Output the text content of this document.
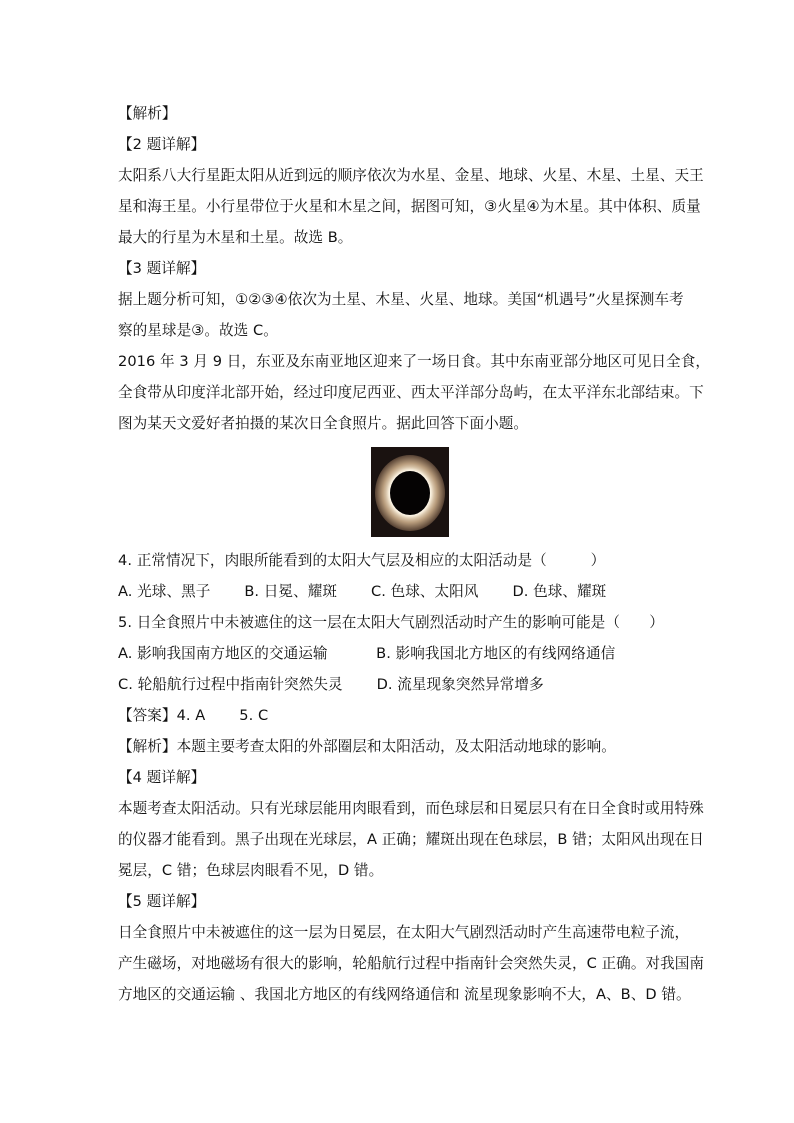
【解析】
【2 题详解】
太阳系八大行星距太阳从近到远的顺序依次为水星、金星、地球、火星、木星、土星、天王
星和海王星。小行星带位于火星和木星之间，据图可知，③火星④为木星。其中体积、质量
最大的行星为木星和土星。故选 B。
【3 题详解】
据上题分析可知，①②③④依次为土星、木星、火星、地球。美国“机遇号”火星探测车考
察的星球是③。故选 C。
2016 年 3 月 9 日，东亚及东南亚地区迎来了一场日食。其中东南亚部分地区可见日全食，
全食带从印度洋北部开始，经过印度尼西亚、西太平洋部分岛屿，在太平洋东北部结束。下
图为某天文爱好者拍摄的某次日全食照片。据此回答下面小题。
4. 正常情况下，肉眼所能看到的太阳大气层及相应的太阳活动是（　　　）
A. 光球、黑子　　 B. 日冕、耀斑　　 C. 色球、太阳风　　 D. 色球、耀斑
5. 日全食照片中未被遮住的这一层在太阳大气剧烈活动时产生的影响可能是（　　）
A. 影响我国南方地区的交通运输　　　 B. 影响我国北方地区的有线网络通信
C. 轮船航行过程中指南针突然失灵　　 D. 流星现象突然异常增多
【答案】4. A　　 5. C
【解析】本题主要考查太阳的外部圈层和太阳活动，及太阳活动地球的影响。
【4 题详解】
本题考查太阳活动。只有光球层能用肉眼看到，而色球层和日冕层只有在日全食时或用特殊
的仪器才能看到。黑子出现在光球层，A 正确；耀斑出现在色球层，B 错；太阳风出现在日
冕层，C 错；色球层肉眼看不见，D 错。
【5 题详解】
日全食照片中未被遮住的这一层为日冕层，在太阳大气剧烈活动时产生高速带电粒子流，
产生磁场，对地磁场有很大的影响，轮船航行过程中指南针会突然失灵，C 正确。对我国南
方地区的交通运输 、我国北方地区的有线网络通信和 流星现象影响不大，A、B、D 错。
